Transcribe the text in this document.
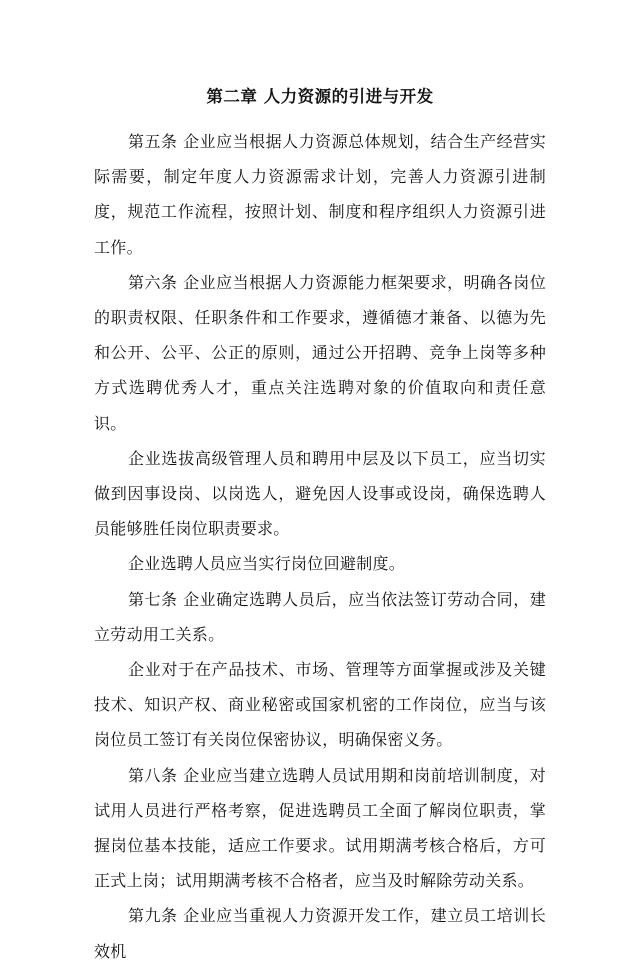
第二章 人力资源的引进与开发

第五条 企业应当根据人力资源总体规划，结合生产经营实际需要，制定年度人力资源需求计划，完善人力资源引进制度，规范工作流程，按照计划、制度和程序组织人力资源引进工作。

第六条 企业应当根据人力资源能力框架要求，明确各岗位的职责权限、任职条件和工作要求，遵循德才兼备、以德为先和公开、公平、公正的原则，通过公开招聘、竞争上岗等多种方式选聘优秀人才，重点关注选聘对象的价值取向和责任意识。

企业选拔高级管理人员和聘用中层及以下员工，应当切实做到因事设岗、以岗选人，避免因人设事或设岗，确保选聘人员能够胜任岗位职责要求。

企业选聘人员应当实行岗位回避制度。

第七条 企业确定选聘人员后，应当依法签订劳动合同，建立劳动用工关系。

企业对于在产品技术、市场、管理等方面掌握或涉及关键技术、知识产权、商业秘密或国家机密的工作岗位，应当与该岗位员工签订有关岗位保密协议，明确保密义务。

第八条 企业应当建立选聘人员试用期和岗前培训制度，对试用人员进行严格考察，促进选聘员工全面了解岗位职责，掌握岗位基本技能，适应工作要求。试用期满考核合格后，方可正式上岗；试用期满考核不合格者，应当及时解除劳动关系。

第九条 企业应当重视人力资源开发工作，建立员工培训长效机
